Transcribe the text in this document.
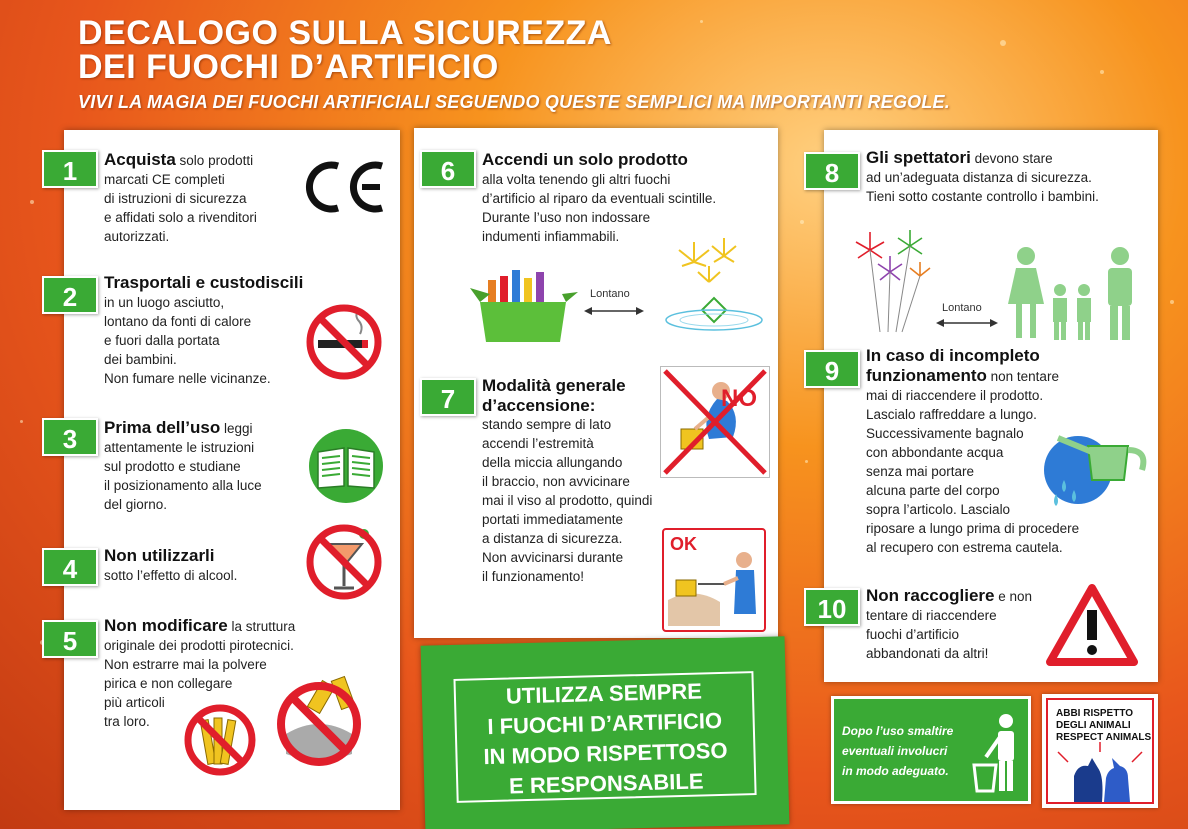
DECALOGO SULLA SICUREZZA
DEI FUOCHI D’ARTIFICIO
VIVI LA MAGIA DEI FUOCHI ARTIFICIALI SEGUENDO QUESTE SEMPLICI MA IMPORTANTI REGOLE.
1	Acquista solo prodotti
marcati CE completi
di istruzioni di sicurezza
e affidati solo a rivenditori
autorizzati.
2	Trasportali e custodiscili
in un luogo asciutto,
lontano da fonti di calore
e fuori dalla portata
dei bambini.
Non fumare nelle vicinanze.
3	Prima dell’uso leggi
attentamente le istruzioni
sul prodotto e studiane
il posizionamento alla luce
del giorno.
4	Non utilizzarli
sotto l’effetto di alcool.
5
Non modificare la struttura
originale dei prodotti pirotecnici.
Non estrarre mai la polvere
pirica e non collegare
più articoli
tra loro.
6	Accendi un solo prodotto
alla volta tenendo gli altri fuochi
d’artificio al riparo da eventuali scintille.
Durante l’uso non indossare
indumenti infiammabili.
Lontano
7	Modalità generale
d’accensione:
stando sempre di lato
accendi l’estremità
della miccia allungando
il braccio, non avvicinare
mai il viso al prodotto, quindi
portati immediatamente
a distanza di sicurezza.
Non avvicinarsi durante
il funzionamento!
NO
OK
8
Gli spettatori devono stare
ad un’adeguata distanza di sicurezza.
Tieni sotto costante controllo i bambini.
Lontano
9
In caso di incompleto
funzionamento non tentare
mai di riaccendere il prodotto.
Lascialo raffreddare a lungo.
Successivamente bagnalo
con abbondante acqua
senza mai portare
alcuna parte del corpo
sopra l’articolo. Lascialo
riposare a lungo prima di procedere
al recupero con estrema cautela.
10	Non raccogliere e non
tentare di riaccendere
fuochi d’artificio
abbandonati da altri!
UTILIZZA SEMPRE
I FUOCHI D’ARTIFICIO
IN MODO RISPETTOSO
E RESPONSABILE
Dopo l’uso smaltire
eventuali involucri
in modo adeguato.
ABBI RISPETTO
DEGLI ANIMALI
RESPECT ANIMALS
